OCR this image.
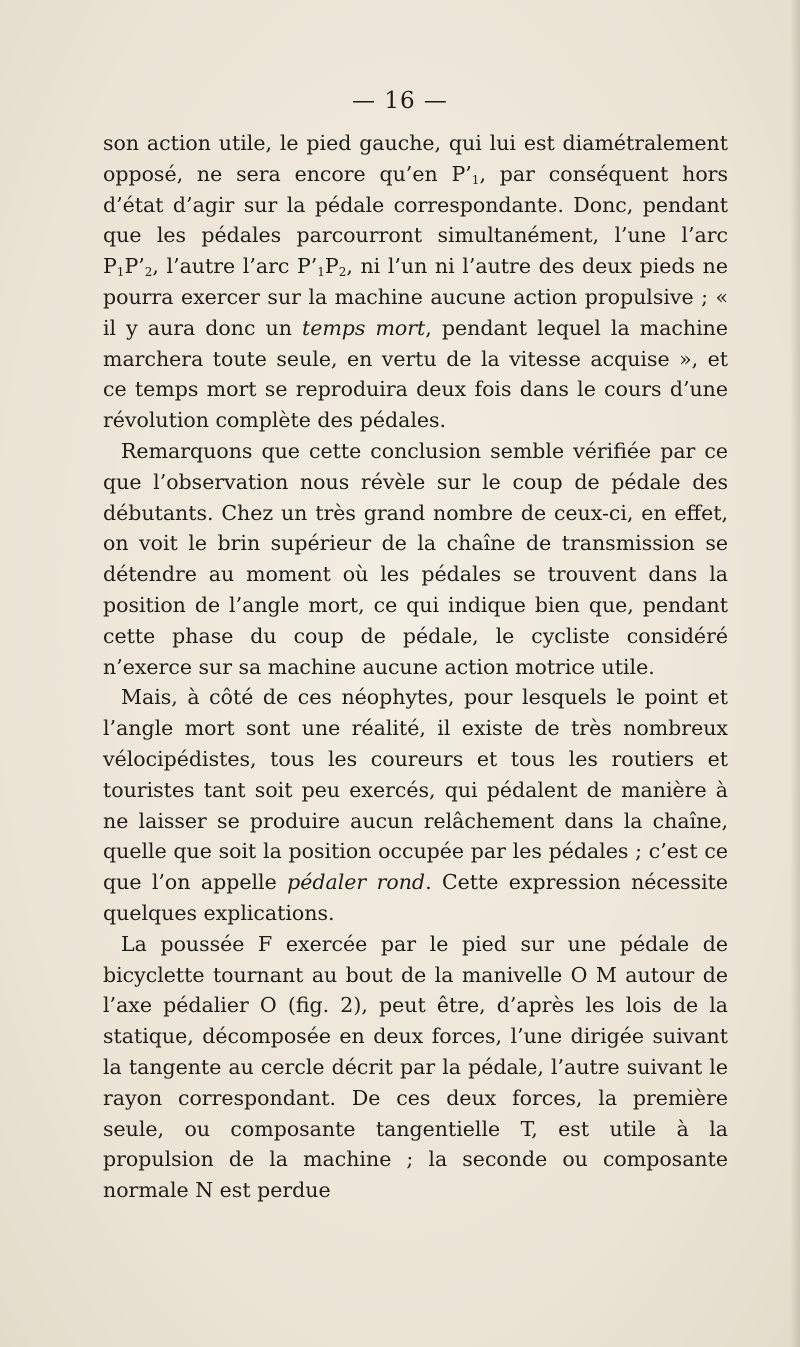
— 16 —

son action utile, le pied gauche, qui lui est diamétralement opposé, ne sera encore qu’en $P’_1$, par conséquent hors d’état d’agir sur la pédale correspondante. Donc, pendant que les pédales parcourront simultanément, l’une l’arc $P_1P’_2$, l’autre l’arc $P’_1P_2$, ni l’un ni l’autre des deux pieds ne pourra exercer sur la machine aucune action propulsive ; « il y aura donc un temps mort, pendant lequel la machine marchera toute seule, en vertu de la vitesse acquise », et ce temps mort se reproduira deux fois dans le cours d’une révolution complète des pédales.

Remarquons que cette conclusion semble vérifiée par ce que l’observation nous révèle sur le coup de pédale des débutants. Chez un très grand nombre de ceux-ci, en effet, on voit le brin supérieur de la chaîne de transmission se détendre au moment où les pédales se trouvent dans la position de l’angle mort, ce qui indique bien que, pendant cette phase du coup de pédale, le cycliste considéré n’exerce sur sa machine aucune action motrice utile.

Mais, à côté de ces néophytes, pour lesquels le point et l’angle mort sont une réalité, il existe de très nombreux vélocipédistes, tous les coureurs et tous les routiers et touristes tant soit peu exercés, qui pédalent de manière à ne laisser se produire aucun relâchement dans la chaîne, quelle que soit la position occupée par les pédales ; c’est ce que l’on appelle pédaler rond. Cette expression nécessite quelques explications.

La poussée F exercée par le pied sur une pédale de bicyclette tournant au bout de la manivelle O M autour de l’axe pédalier O (fig. 2), peut être, d’après les lois de la statique, décomposée en deux forces, l’une dirigée suivant la tangente au cercle décrit par la pédale, l’autre suivant le rayon correspondant. De ces deux forces, la première seule, ou composante tangentielle T, est utile à la propulsion de la machine ; la seconde ou composante normale N est perdue
